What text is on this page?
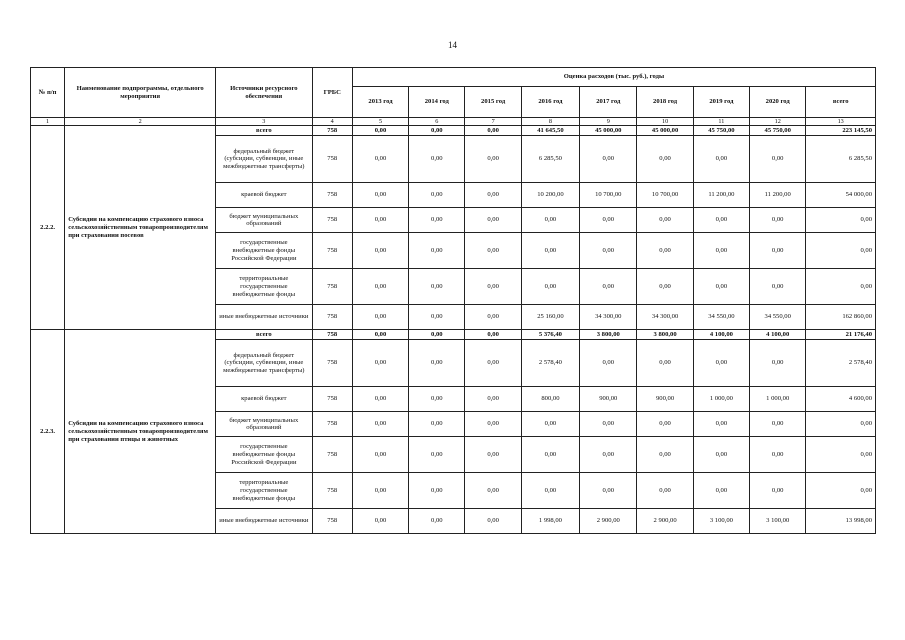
14
№ п/п	Наименование подпрограммы, отдельного мероприятия	Источники ресурсного обеспечения	ГРБС	Оценка расходов (тыс. руб.), годы								
				2013 год	2014 год	2015 год	2016 год	2017 год	2018 год	2019 год	2020 год	всего
1	2	3	4	5	6	7	8	9	10	11	12	13
2.2.2.	Субсидии на компенсацию страхового взноса сельскохозяйственным товаропроизводителям при страховании посевов	всего	758	0,00	0,00	0,00	41 645,50	45 000,00	45 000,00	45 750,00	45 750,00	223 145,50
		федеральный бюджет (субсидии, субвенции, иные межбюджетные трансферты)	758	0,00	0,00	0,00	6 285,50	0,00	0,00	0,00	0,00	6 285,50
		краевой бюджет	758	0,00	0,00	0,00	10 200,00	10 700,00	10 700,00	11 200,00	11 200,00	54 000,00
		бюджет муниципальных образований	758	0,00	0,00	0,00	0,00	0,00	0,00	0,00	0,00	0,00
		государственные внебюджетные фонды Российской Федерации	758	0,00	0,00	0,00	0,00	0,00	0,00	0,00	0,00	0,00
		территориальные государственные внебюджетные фонды	758	0,00	0,00	0,00	0,00	0,00	0,00	0,00	0,00	0,00
		иные внебюджетные источники	758	0,00	0,00	0,00	25 160,00	34 300,00	34 300,00	34 550,00	34 550,00	162 860,00
2.2.3.	Субсидии на компенсацию страхового взноса сельскохозяйственным товаропроизводителям при страховании птицы и животных	всего	758	0,00	0,00	0,00	5 376,40	3 800,00	3 800,00	4 100,00	4 100,00	21 176,40
		федеральный бюджет (субсидии, субвенции, иные межбюджетные трансферты)	758	0,00	0,00	0,00	2 578,40	0,00	0,00	0,00	0,00	2 578,40
		краевой бюджет	758	0,00	0,00	0,00	800,00	900,00	900,00	1 000,00	1 000,00	4 600,00
		бюджет муниципальных образований	758	0,00	0,00	0,00	0,00	0,00	0,00	0,00	0,00	0,00
		государственные внебюджетные фонды Российской Федерации	758	0,00	0,00	0,00	0,00	0,00	0,00	0,00	0,00	0,00
		территориальные государственные внебюджетные фонды	758	0,00	0,00	0,00	0,00	0,00	0,00	0,00	0,00	0,00
		иные внебюджетные источники	758	0,00	0,00	0,00	1 998,00	2 900,00	2 900,00	3 100,00	3 100,00	13 998,00
